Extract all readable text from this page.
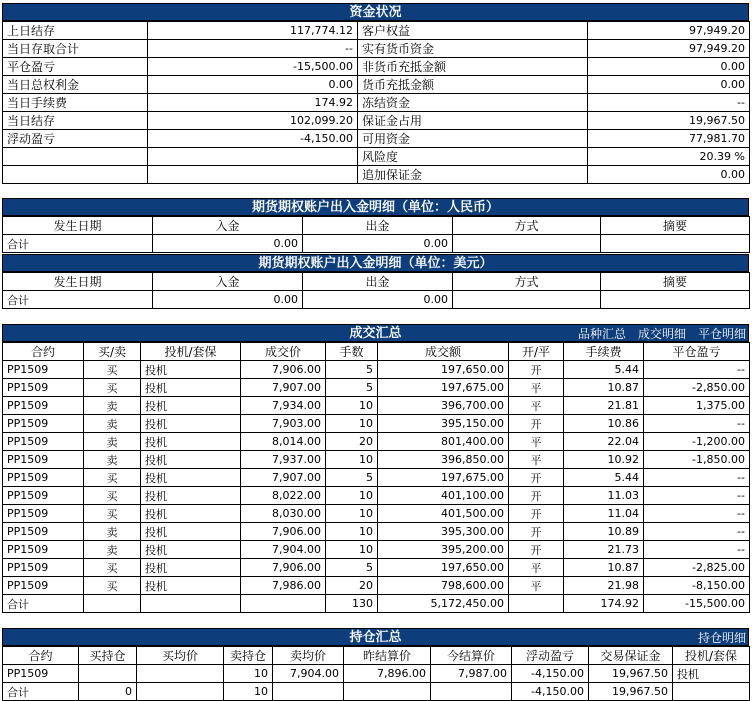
资金状况
上日结存	117,774.12	客户权益	97,949.20
当日存取合计	--	实有货币资金	97,949.20
平仓盈亏	-15,500.00	非货币充抵金额	0.00
当日总权利金	0.00	货币充抵金额	0.00
当日手续费	174.92	冻结资金	--
当日结存	102,099.20	保证金占用	19,967.50
浮动盈亏	-4,150.00	可用资金	77,981.70
		风险度	20.39 %
		追加保证金	0.00
期货期权账户出入金明细（单位：人民币）
发生日期	入金	出金	方式	摘要
合计	0.00	0.00		
期货期权账户出入金明细（单位：美元）
发生日期	入金	出金	方式	摘要
合计	0.00	0.00		
成交汇总	品种汇总 成交明细 平仓明细
合约	买/卖	投机/套保	成交价	手数	成交额	开/平	手续费	平仓盈亏
PP1509	买	投机	7,906.00	5	197,650.00	开	5.44	--
PP1509	买	投机	7,907.00	5	197,675.00	平	10.87	-2,850.00
PP1509	卖	投机	7,934.00	10	396,700.00	平	21.81	1,375.00
PP1509	卖	投机	7,903.00	10	395,150.00	开	10.86	--
PP1509	卖	投机	8,014.00	20	801,400.00	平	22.04	-1,200.00
PP1509	卖	投机	7,937.00	10	396,850.00	平	10.92	-1,850.00
PP1509	买	投机	7,907.00	5	197,675.00	开	5.44	--
PP1509	买	投机	8,022.00	10	401,100.00	开	11.03	--
PP1509	买	投机	8,030.00	10	401,500.00	开	11.04	--
PP1509	卖	投机	7,906.00	10	395,300.00	开	10.89	--
PP1509	卖	投机	7,904.00	10	395,200.00	开	21.73	--
PP1509	买	投机	7,906.00	5	197,650.00	平	10.87	-2,825.00
PP1509	买	投机	7,986.00	20	798,600.00	平	21.98	-8,150.00
合计				130	5,172,450.00		174.92	-15,500.00
持仓汇总	持仓明细
合约	买持仓	买均价	卖持仓	卖均价	昨结算价	今结算价	浮动盈亏	交易保证金	投机/套保
PP1509			10	7,904.00	7,896.00	7,987.00	-4,150.00	19,967.50	投机
合计	0		10				-4,150.00	19,967.50	
